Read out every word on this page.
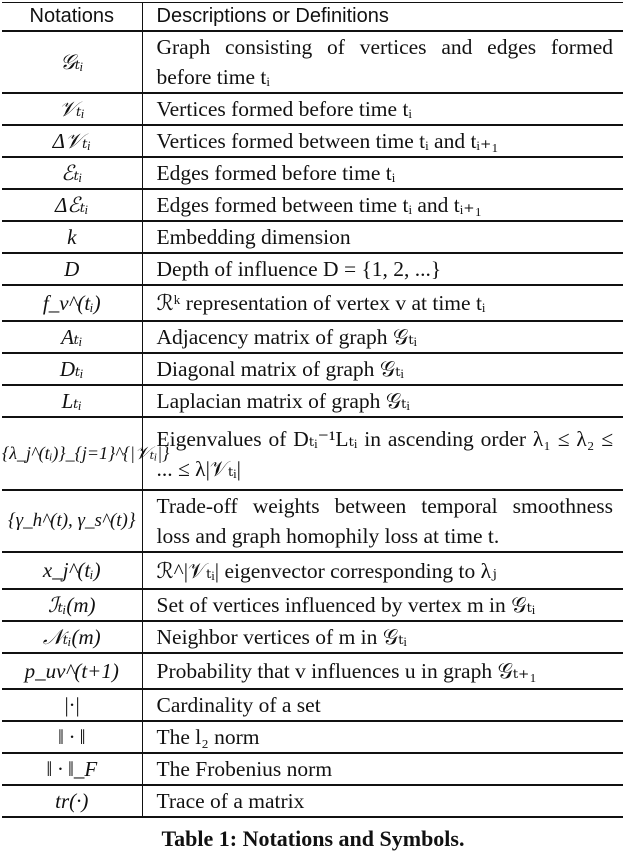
Notations	Descriptions or Definitions
𝒢ₜᵢ	Graph consisting of vertices and edges formed before time tᵢ
𝒱ₜᵢ	Vertices formed before time tᵢ
Δ𝒱ₜᵢ	Vertices formed between time tᵢ and tᵢ₊₁
ℰₜᵢ	Edges formed before time tᵢ
Δℰₜᵢ	Edges formed between time tᵢ and tᵢ₊₁
k	Embedding dimension
D	Depth of influence D = {1, 2, ...}
f_v^(tᵢ)	ℛᵏ representation of vertex v at time tᵢ
Aₜᵢ	Adjacency matrix of graph 𝒢ₜᵢ
Dₜᵢ	Diagonal matrix of graph 𝒢ₜᵢ
Lₜᵢ	Laplacian matrix of graph 𝒢ₜᵢ
{λ_j^(tᵢ)}_{j=1}^{|𝒱ₜᵢ|}	Eigenvalues of Dₜᵢ⁻¹Lₜᵢ in ascending order λ₁ ≤ λ₂ ≤ ... ≤ λ|𝒱ₜᵢ|
{γ_h^(t), γ_s^(t)}	Trade-off weights between temporal smoothness loss and graph homophily loss at time t.
x_j^(tᵢ)	ℛ^|𝒱ₜᵢ| eigenvector corresponding to λⱼ
ℐₜᵢ(m)	Set of vertices influenced by vertex m in 𝒢ₜᵢ
𝒩ₜᵢ(m)	Neighbor vertices of m in 𝒢ₜᵢ
p_uv^(t+1)	Probability that v influences u in graph 𝒢ₜ₊₁
|·|	Cardinality of a set
‖ · ‖	The l₂ norm
‖ · ‖_F	The Frobenius norm
tr(·)	Trace of a matrix
Table 1: Notations and Symbols.
